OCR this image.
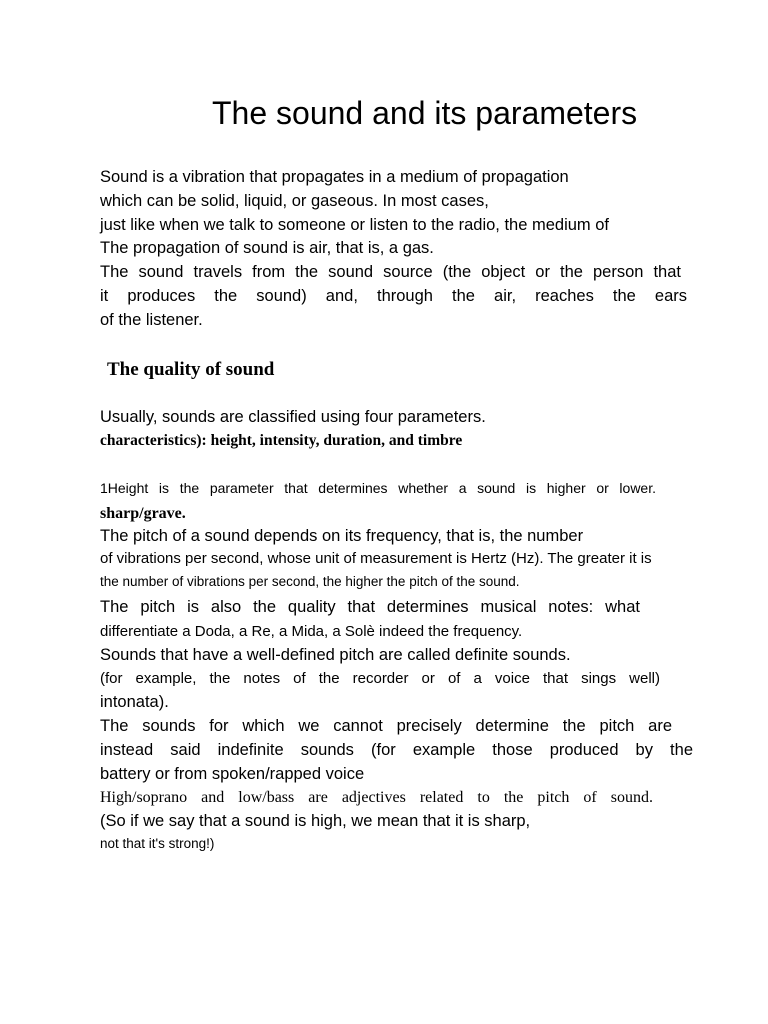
The sound and its parameters
Sound is a vibration that propagates in a medium of propagation
which can be solid, liquid, or gaseous. In most cases,
just like when we talk to someone or listen to the radio, the medium of
The propagation of sound is air, that is, a gas.
The sound travels from the sound source (the object or the person that
it produces the sound) and, through the air, reaches the ears
of the listener.
The quality of sound
Usually, sounds are classified using four parameters.
characteristics): height, intensity, duration, and timbre
1Height is the parameter that determines whether a sound is higher or lower.
sharp/grave.
The pitch of a sound depends on its frequency, that is, the number
of vibrations per second, whose unit of measurement is Hertz (Hz). The greater it is
the number of vibrations per second, the higher the pitch of the sound.
The pitch is also the quality that determines musical notes: what
differentiate a Doda, a Re, a Mida, a Solè indeed the frequency.
Sounds that have a well-defined pitch are called definite sounds.
(for example, the notes of the recorder or of a voice that sings well)
intonata).
The sounds for which we cannot precisely determine the pitch are
instead said indefinite sounds (for example those produced by the
battery or from spoken/rapped voice
High/soprano and low/bass are adjectives related to the pitch of sound.
(So if we say that a sound is high, we mean that it is sharp,
not that it's strong!)
